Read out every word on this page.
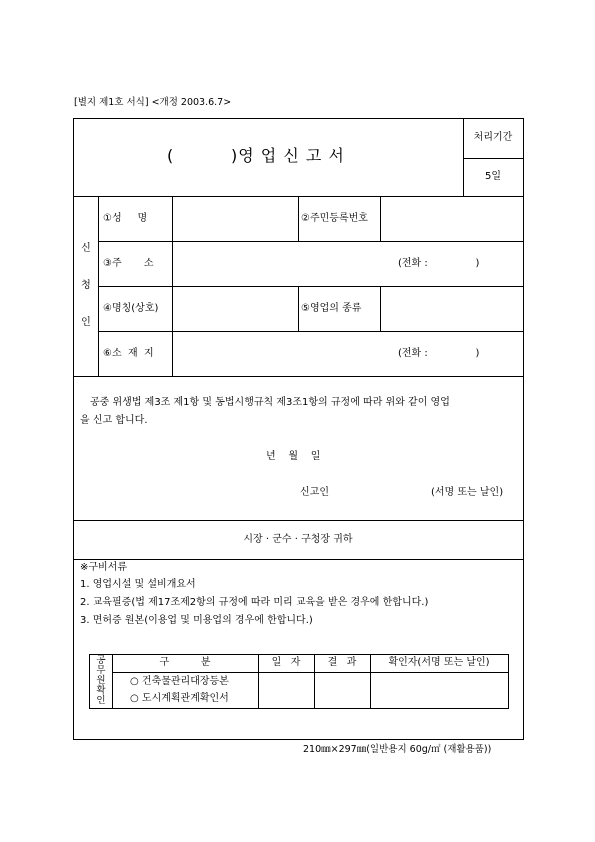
[별지 제1호 서식] <개정 2003.6.7>
(	)영 업 신 고 서
처리기간
5일
신
청
인
①성     명	②주민등록번호
③주       소	(전화 :               )
④명칭(상호)	⑤영업의 종류
⑥소  재  지	(전화 :               )
공중 위생법 제3조 제1항 및 동법시행규칙 제3조1항의 규정에 따라 위와 같이 영업
을 신고 합니다.
년    월    일
신고인	(서명 또는 날인)
시장 · 군수 · 구청장 귀하
※구비서류
1. 영업시설 및 설비개요서
2. 교육필증(법 제17조제2항의 규정에 따라 미리 교육을 받은 경우에 한합니다.)
3. 면허증 원본(이용업 및 미용업의 경우에 한합니다.)
공
무
원
확
인
구          분	일   자	결   과	확인자(서명 또는 날인)
○ 건축물관리대장등본
○ 도시계획관계확인서
210㎜×297㎜(일반용지 60g/㎡ (재활용품))
